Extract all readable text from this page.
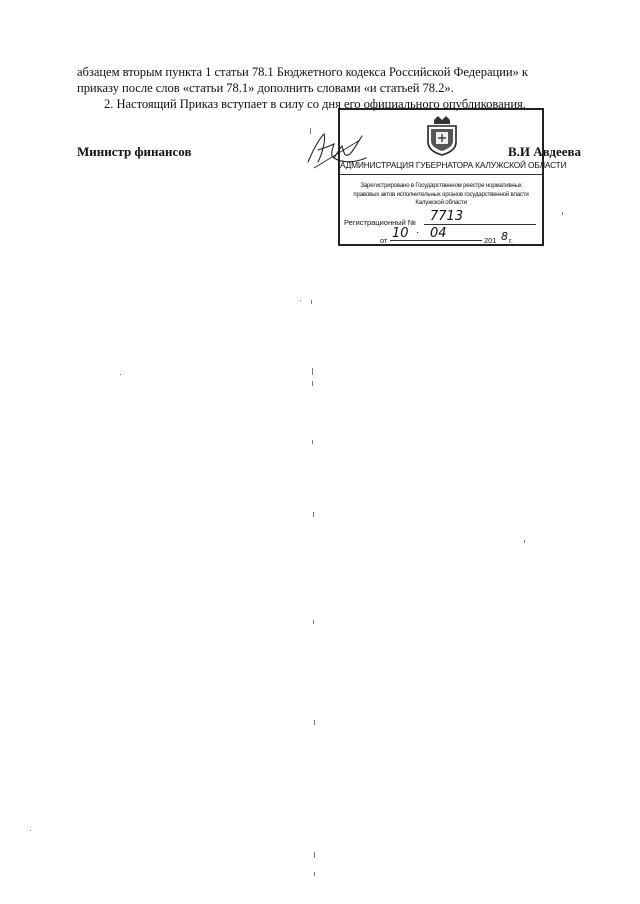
абзацем вторым пункта 1 статьи 78.1 Бюджетного кодекса Российской Федерации» к
приказу после слов «статьи 78.1» дополнить словами «и статьей 78.2».
2. Настоящий Приказ вступает в силу со дня его официального опубликования.
Министр финансов	В.И Авдеева
АДМИНИСТРАЦИЯ ГУБЕРНАТОРА КАЛУЖСКОЙ ОБЛАСТИ
Зарегистрировано в Государственном реестре нормативных
правовых актов исполнительных органов государственной власти
Калужской области
Регистрационный №	7713
от 10 · 04	201 8 г.
